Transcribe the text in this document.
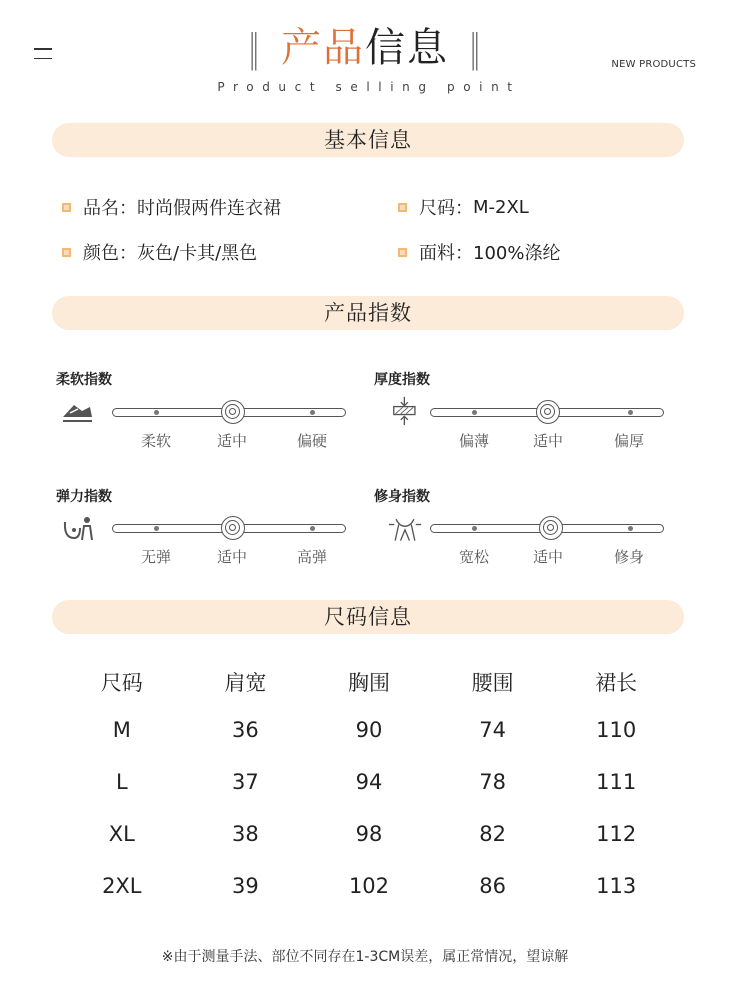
‖ 产品 信息 ‖
Product selling point
NEW PRODUCTS
基本信息
品名： 时尚假两件连衣裙	尺码： M-2XL
颜色： 灰色/卡其/黑色	面料： 100%涤纶
产品指数
柔软指数
柔软	适中	偏硬
厚度指数
偏薄	适中	偏厚
弹力指数
无弹	适中	高弹
修身指数
宽松	适中	修身
尺码信息
尺码	肩宽	胸围	腰围	裙长
M	36	90	74	110
L	37	94	78	111
XL	38	98	82	112
2XL	39	102	86	113
※由于测量手法、部位不同存在1-3CM误差，属正常情况，望谅解
